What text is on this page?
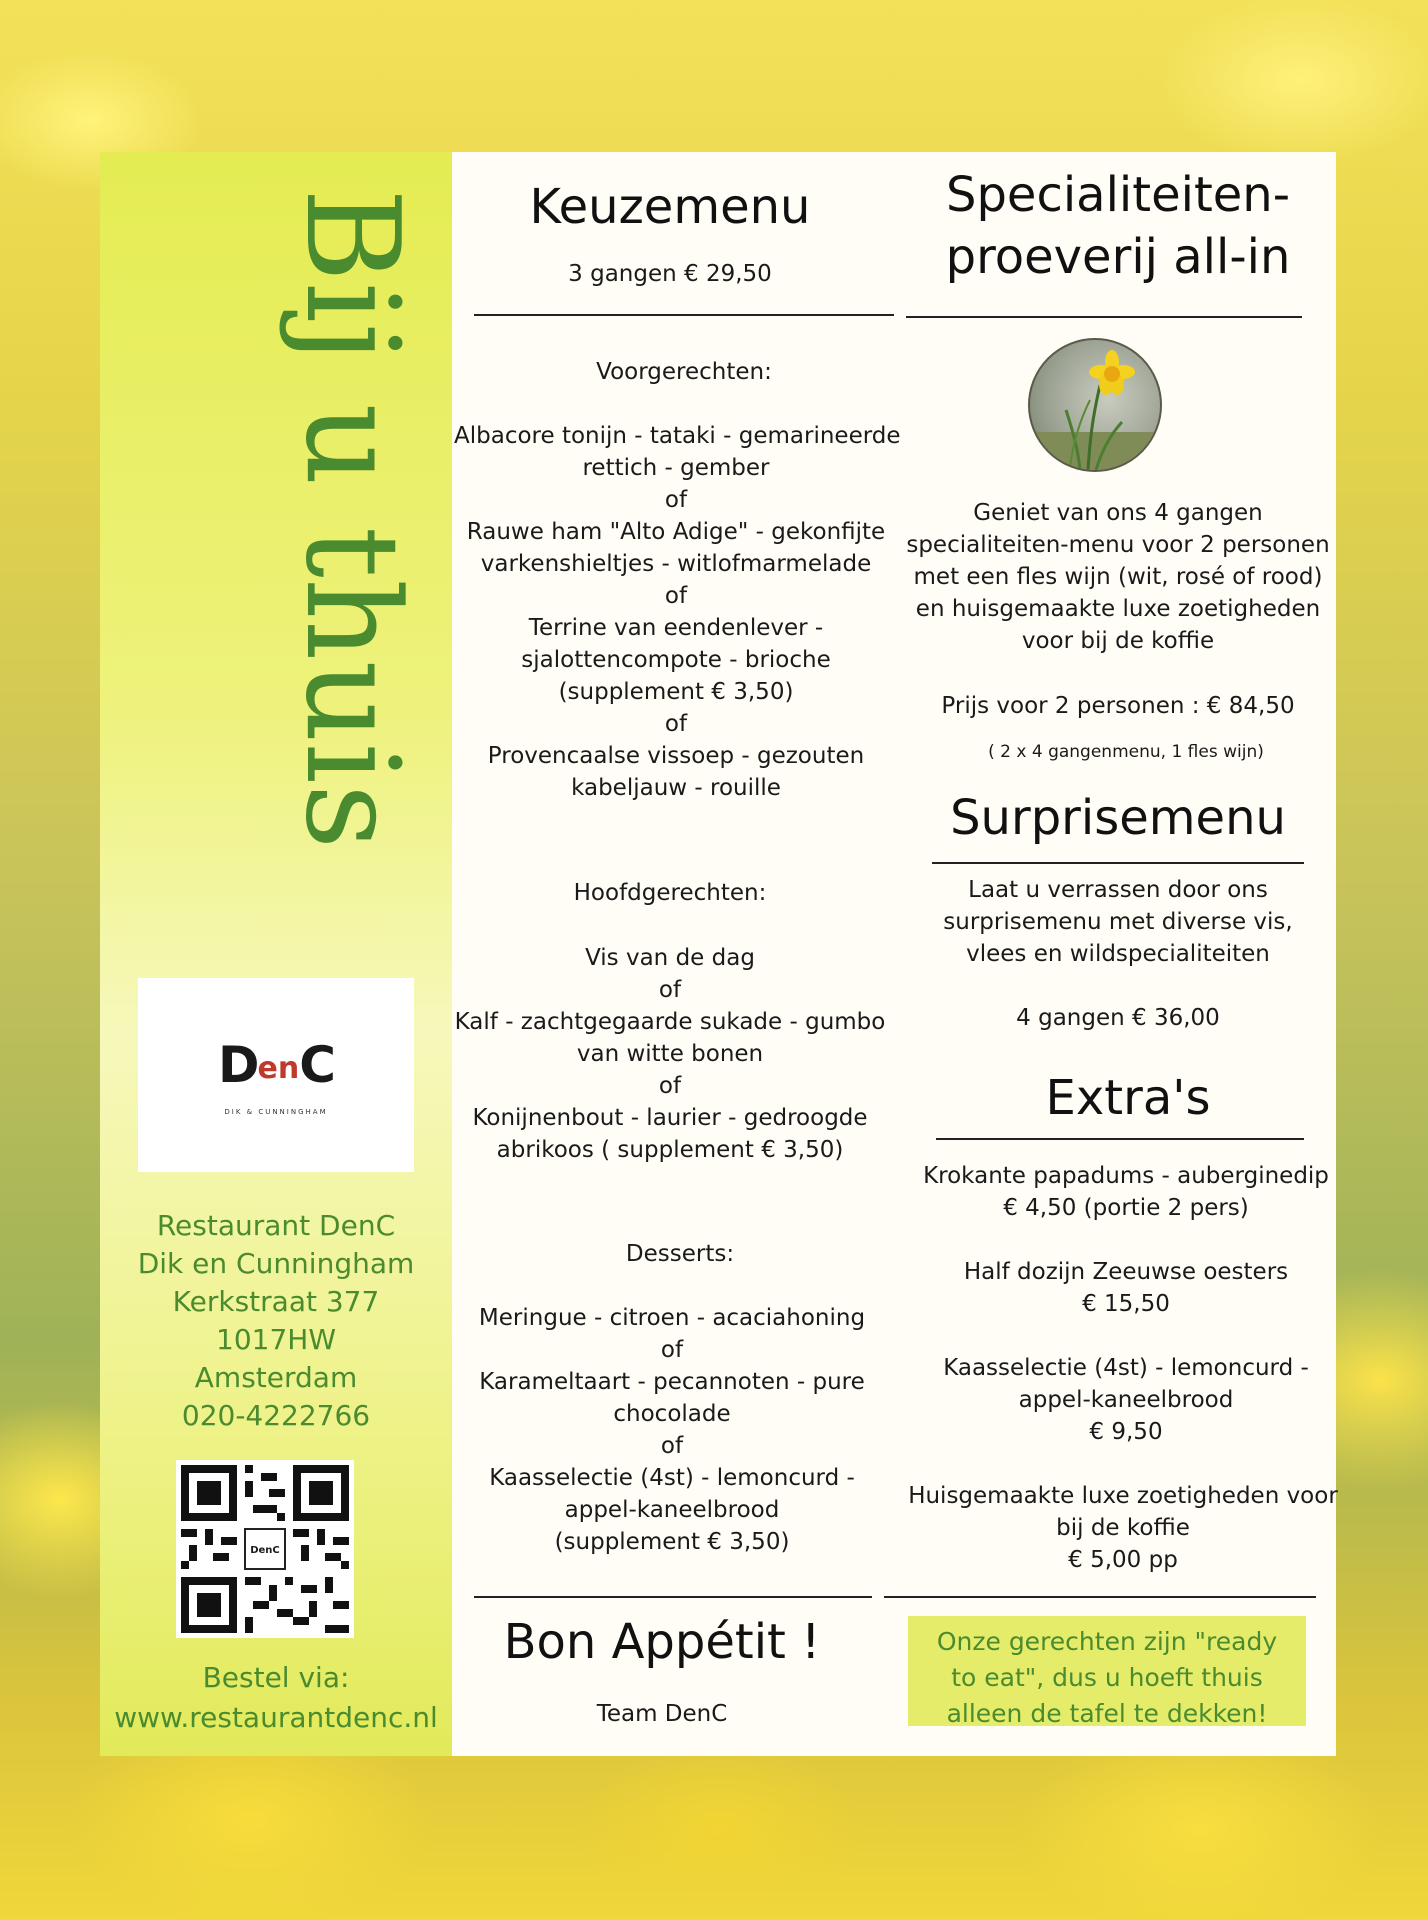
Bij u thuis
DenC
DIK & CUNNINGHAM
Restaurant DenC
Dik en Cunningham
Kerkstraat 377
1017HW
Amsterdam
020-4222766
DenC
Bestel via:
www.restaurantdenc.nl
Keuzemenu
3 gangen € 29,50
Voorgerechten:
Albacore tonijn - tataki - gemarineerde
rettich - gember
of
Rauwe ham "Alto Adige" - gekonfijte
varkenshieltjes - witlofmarmelade
of
Terrine van eendenlever -
sjalottencompote - brioche
(supplement € 3,50)
of
Provencaalse vissoep - gezouten
kabeljauw - rouille
Hoofdgerechten:
Vis van de dag
of
Kalf - zachtgegaarde sukade - gumbo
van witte bonen
of
Konijnenbout - laurier - gedroogde
abrikoos ( supplement € 3,50)
Desserts:
Meringue - citroen - acaciahoning
of
Karameltaart - pecannoten - pure
chocolade
of
Kaasselectie (4st) - lemoncurd -
appel-kaneelbrood
(supplement € 3,50)
Specialiteiten-
proeverij all-in
Geniet van ons 4 gangen
specialiteiten-menu voor 2 personen
met een fles wijn (wit, rosé of rood)
en huisgemaakte luxe zoetigheden
voor bij de koffie
Prijs voor 2 personen : € 84,50
( 2 x 4 gangenmenu, 1 fles wijn)
Surprisemenu
Laat u verrassen door ons
surprisemenu met diverse vis,
vlees en wildspecialiteiten
4 gangen € 36,00
Extra's
Krokante papadums - auberginedip
€ 4,50 (portie 2 pers)
Half dozijn Zeeuwse oesters
€ 15,50
Kaasselectie (4st) - lemoncurd -
appel-kaneelbrood
€ 9,50
Huisgemaakte luxe zoetigheden voor
bij de koffie
€ 5,00 pp
Bon Appétit !
Team DenC
Onze gerechten zijn "ready
to eat", dus u hoeft thuis
alleen de tafel te dekken!
